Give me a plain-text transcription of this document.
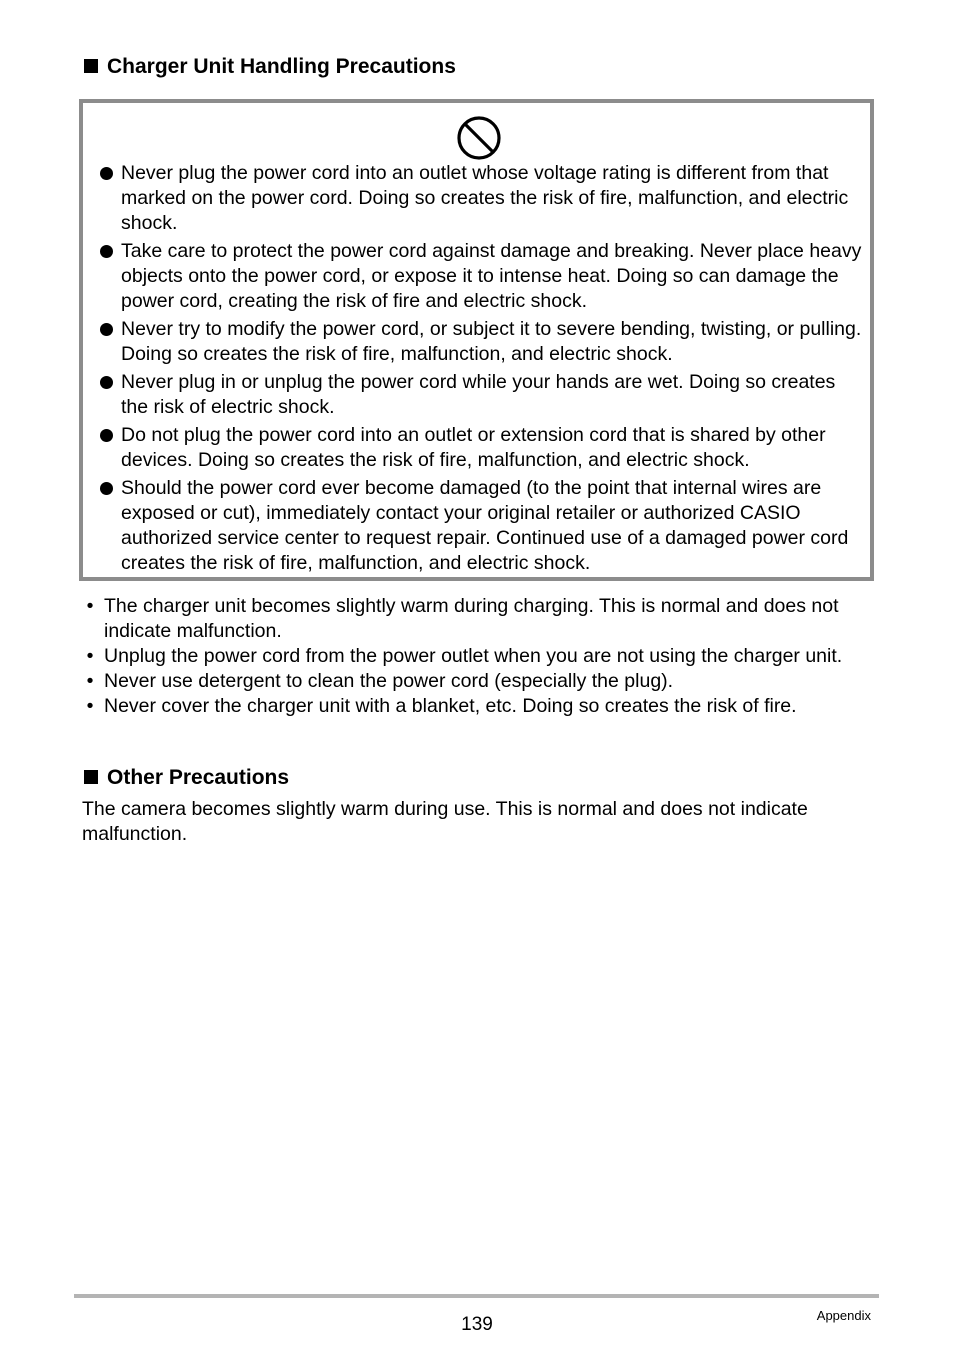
Charger Unit Handling Precautions
Never plug the power cord into an outlet whose voltage rating is different from that marked on the power cord. Doing so creates the risk of fire, malfunction, and electric shock.
Take care to protect the power cord against damage and breaking. Never place heavy objects onto the power cord, or expose it to intense heat. Doing so can damage the power cord, creating the risk of fire and electric shock.
Never try to modify the power cord, or subject it to severe bending, twisting, or pulling. Doing so creates the risk of fire, malfunction, and electric shock.
Never plug in or unplug the power cord while your hands are wet. Doing so creates the risk of electric shock.
Do not plug the power cord into an outlet or extension cord that is shared by other devices. Doing so creates the risk of fire, malfunction, and electric shock.
Should the power cord ever become damaged (to the point that internal wires are exposed or cut), immediately contact your original retailer or authorized CASIO authorized service center to request repair. Continued use of a damaged power cord creates the risk of fire, malfunction, and electric shock.
• The charger unit becomes slightly warm during charging. This is normal and does not indicate malfunction.
• Unplug the power cord from the power outlet when you are not using the charger unit.
• Never use detergent to clean the power cord (especially the plug).
• Never cover the charger unit with a blanket, etc. Doing so creates the risk of fire.
Other Precautions

The camera becomes slightly warm during use. This is normal and does not indicate malfunction.

139	Appendix
